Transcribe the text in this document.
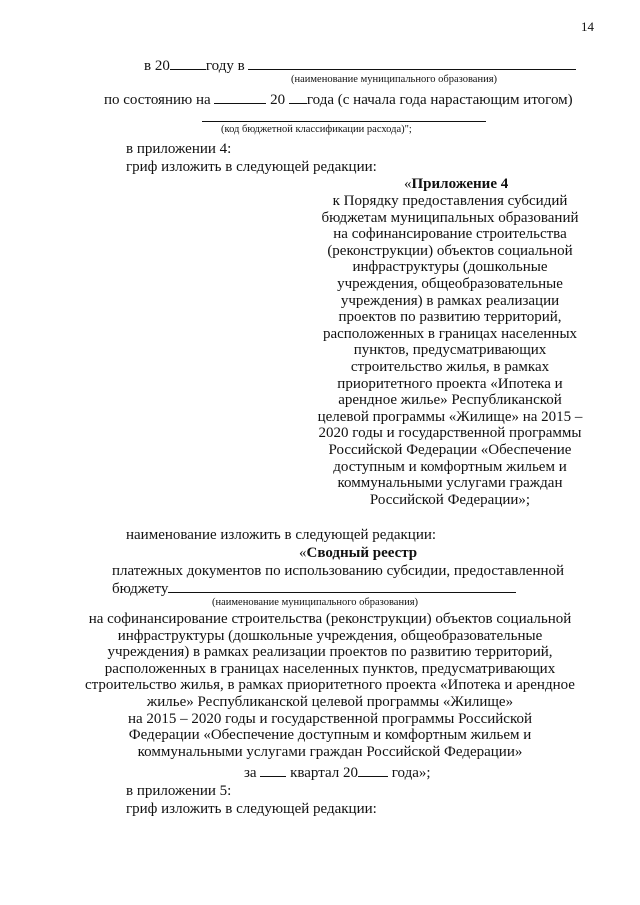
14
в 20 году в
(наименование муниципального образования)
по состоянию на	20 года (с начала года нарастающим итогом)
(код бюджетной классификации расхода)";
в приложении 4:
гриф изложить в следующей редакции:
«Приложение 4
к Порядку предоставления субсидий
бюджетам муниципальных образований
на софинансирование строительства
(реконструкции) объектов социальной
инфраструктуры (дошкольные
учреждения, общеобразовательные
учреждения) в рамках реализации
проектов по развитию территорий,
расположенных в границах населенных
пунктов, предусматривающих
строительство жилья, в рамках
приоритетного проекта «Ипотека и
арендное жилье» Республиканской
целевой программы «Жилище» на 2015 –
2020 годы и государственной программы
Российской Федерации «Обеспечение
доступным и комфортным жильем и
коммунальными услугами граждан
Российской Федерации»;
наименование изложить в следующей редакции:
«Сводный реестр
платежных документов по использованию субсидии, предоставленной
бюджету
(наименование муниципального образования)
на софинансирование строительства (реконструкции) объектов социальной
инфраструктуры (дошкольные учреждения, общеобразовательные
учреждения) в рамках реализации проектов по развитию территорий,
расположенных в границах населенных пунктов, предусматривающих
строительство жилья, в рамках приоритетного проекта «Ипотека и арендное
жилье» Республиканской целевой программы «Жилище»
на 2015 – 2020 годы и государственной программы Российской
Федерации «Обеспечение доступным и комфортным жильем и
коммунальными услугами граждан Российской Федерации»
за квартал 20 года»;
в приложении 5:
гриф изложить в следующей редакции:
